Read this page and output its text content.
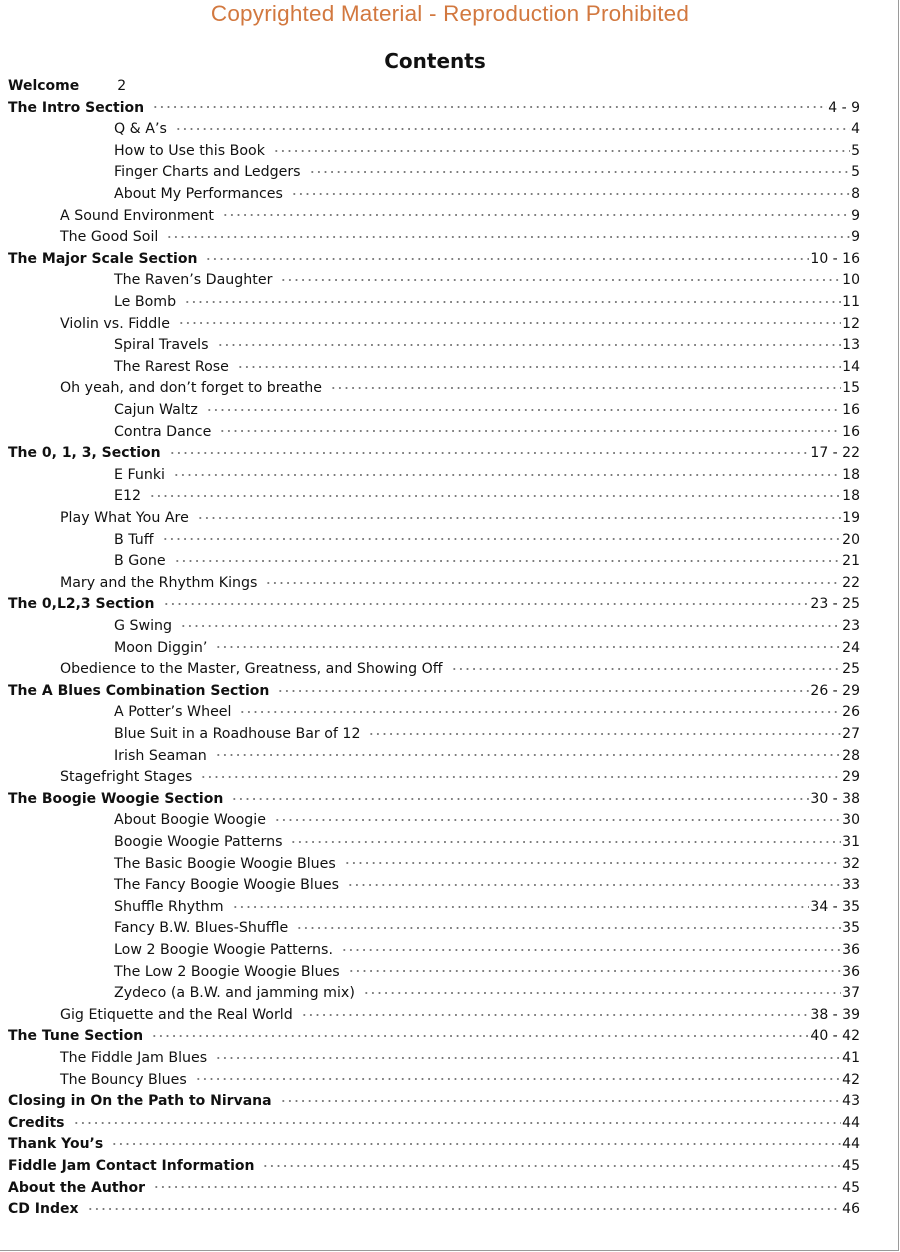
Copyrighted Material - Reproduction Prohibited
Contents
Welcome	2
The Intro Section	4 - 9
Q & A’s	4
How to Use this Book	5
Finger Charts and Ledgers	5
About My Performances	8
A Sound Environment	9
The Good Soil	9
The Major Scale Section	10 - 16
The Raven’s Daughter	10
Le Bomb	11
Violin vs. Fiddle	12
Spiral Travels	13
The Rarest Rose	14
Oh yeah, and don’t forget to breathe	15
Cajun Waltz	16
Contra Dance	16
The 0, 1, 3, Section	17 - 22
E Funki	18
E12	18
Play What You Are	19
B Tuff	20
B Gone	21
Mary and the Rhythm Kings	22
The 0,L2,3 Section	23 - 25
G Swing	23
Moon Diggin’	24
Obedience to the Master, Greatness, and Showing Off	25
The A Blues Combination Section	26 - 29
A Potter’s Wheel	26
Blue Suit in a Roadhouse Bar of 12	27
Irish Seaman	28
Stagefright Stages	29
The Boogie Woogie Section	30 - 38
About Boogie Woogie	30
Boogie Woogie Patterns	31
The Basic Boogie Woogie Blues	32
The Fancy Boogie Woogie Blues	33
Shuffle Rhythm	34 - 35
Fancy B.W. Blues-Shuffle	35
Low 2 Boogie Woogie Patterns.	36
The Low 2 Boogie Woogie Blues	36
Zydeco (a B.W. and jamming mix)	37
Gig Etiquette and the Real World	38 - 39
The Tune Section	40 - 42
The Fiddle Jam Blues	41
The Bouncy Blues	42
Closing in On the Path to Nirvana	43
Credits	44
Thank You’s	44
Fiddle Jam Contact Information	45
About the Author	45
CD Index	46
